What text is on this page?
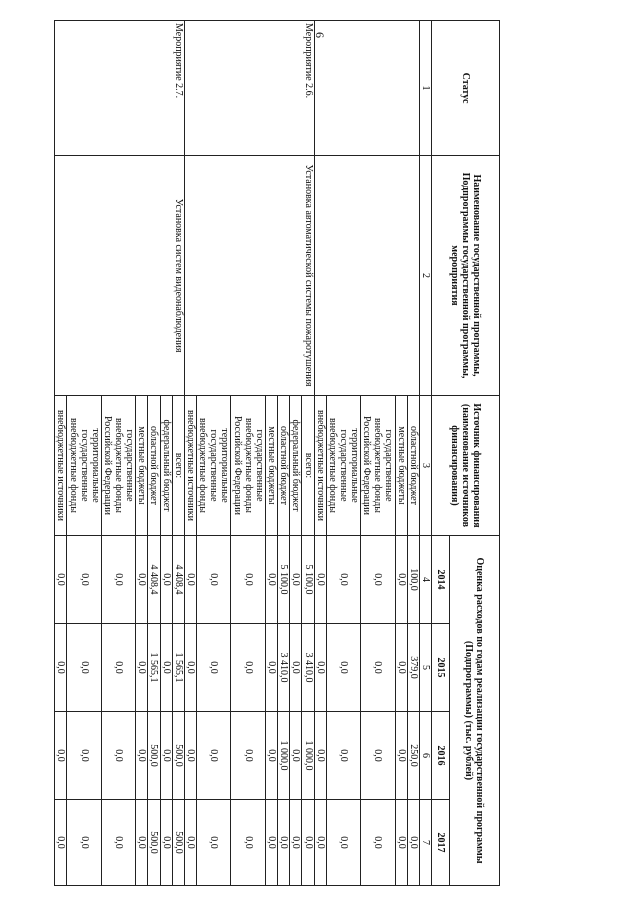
6
Статус	Наименование государственной программы, Подпрограммы государственной программы, мероприятия	Источник финансирования (наименование источников финансирования)	Оценка расходов по годам реализации государственной программы (Подпрограммы) (тыс. рублей)			
			2014	2015	2016	2017
1	2	3	4	5	6	7
		областной бюджет	100,0	379,0	250,0	0,0
		местные бюджеты	0,0	0,0	0,0	0,0
		государственные внебюджетные фонды Российской Федерации	0,0	0,0	0,0	0,0
		территориальные государственные внебюджетные фонды	0,0	0,0	0,0	0,0
		внебюджетные источники	0,0	0,0	0,0	0,0
Мероприятие 2.6.	Установка автоматической системы пожаротушения	всего:	5 100,0	3 410,0	1 000,0	0,0
		федеральный бюджет	0,0	0,0	0,0	0,0
		областной бюджет	5 100,0	3 410,0	1 000,0	0,0
		местные бюджеты	0,0	0,0	0,0	0,0
		государственные внебюджетные фонды Российской Федерации	0,0	0,0	0,0	0,0
		территориальные государственные внебюджетные фонды	0,0	0,0	0,0	0,0
		внебюджетные источники	0,0	0,0	0,0	0,0
Мероприятие 2.7.	Установка систем видеонаблюдения	всего:	4 408,4	1 565,1	500,0	500,0
		федеральный бюджет	0,0	0,0	0,0	0,0
		областной бюджет	4 408,4	1 565,1	500,0	500,0
		местные бюджеты	0,0	0,0	0,0	0,0
		государственные внебюджетные фонды Российской Федерации	0,0	0,0	0,0	0,0
		территориальные государственные внебюджетные фонды	0,0	0,0	0,0	0,0
		внебюджетные источники	0,0	0,0	0,0	0,0
